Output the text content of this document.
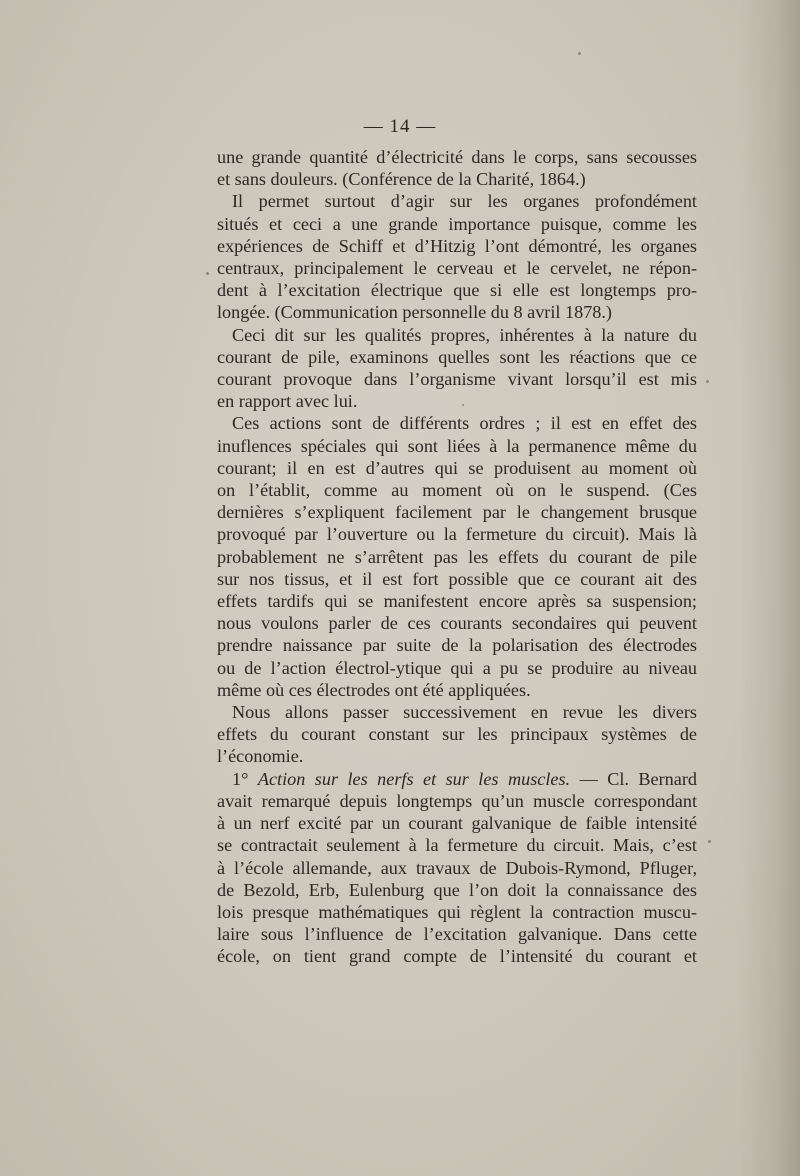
— 14 —
une grande quantité d’électricité dans le corps, sans secousses
et sans douleurs. (Conférence de la Charité, 1864.)
Il permet surtout d’agir sur les organes profondément
situés et ceci a une grande importance puisque, comme les
expériences de Schiff et d’Hitzig l’ont démontré, les organes
centraux, principalement le cerveau et le cervelet, ne répon-
dent à l’excitation électrique que si elle est longtemps pro-
longée. (Communication personnelle du 8 avril 1878.)
Ceci dit sur les qualités propres, inhérentes à la nature du
courant de pile, examinons quelles sont les réactions que ce
courant provoque dans l’organisme vivant lorsqu’il est mis
en rapport avec lui.
Ces actions sont de différents ordres ; il est en effet des
inuflences spéciales qui sont liées à la permanence même du
courant; il en est d’autres qui se produisent au moment où
on l’établit, comme au moment où on le suspend. (Ces
dernières s’expliquent facilement par le changement brusque
provoqué par l’ouverture ou la fermeture du circuit). Mais là
probablement ne s’arrêtent pas les effets du courant de pile
sur nos tissus, et il est fort possible que ce courant ait des
effets tardifs qui se manifestent encore après sa suspension;
nous voulons parler de ces courants secondaires qui peuvent
prendre naissance par suite de la polarisation des électrodes
ou de l’action électrol-ytique qui a pu se produire au niveau
même où ces électrodes ont été appliquées.
Nous allons passer successivement en revue les divers
effets du courant constant sur les principaux systèmes de
l’économie.
1° Action sur les nerfs et sur les muscles. — Cl. Bernard
avait remarqué depuis longtemps qu’un muscle correspondant
à un nerf excité par un courant galvanique de faible intensité
se contractait seulement à la fermeture du circuit. Mais, c’est
à l’école allemande, aux travaux de Dubois-Rymond, Pfluger,
de Bezold, Erb, Eulenburg que l’on doit la connaissance des
lois presque mathématiques qui règlent la contraction muscu-
laire sous l’influence de l’excitation galvanique. Dans cette
école, on tient grand compte de l’intensité du courant et
